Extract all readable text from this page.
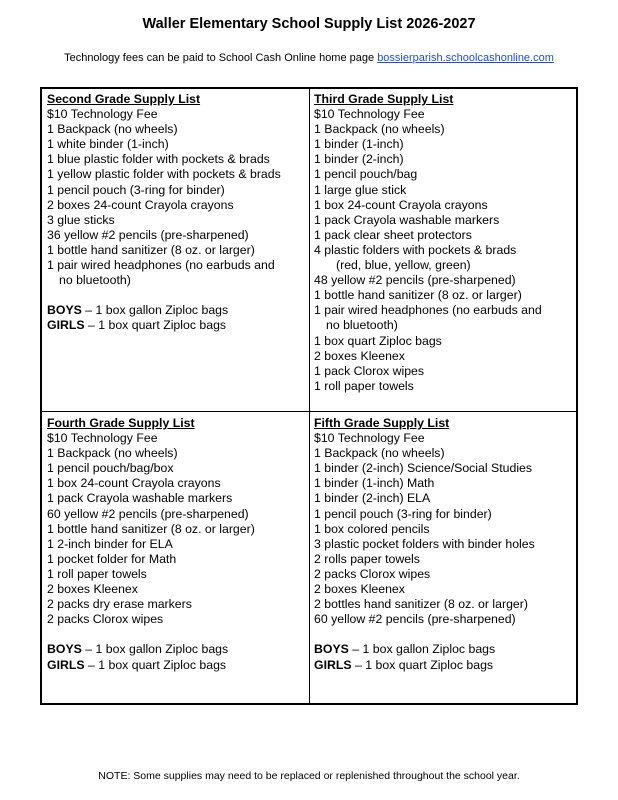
Waller Elementary School Supply List 2026-2027
Technology fees can be paid to School Cash Online home page bossierparish.schoolcashonline.com
Second Grade Supply List
$10 Technology Fee
1 Backpack (no wheels)
1 white binder (1-inch)
1 blue plastic folder with pockets & brads
1 yellow plastic folder with pockets & brads
1 pencil pouch (3-ring for binder)
2 boxes 24-count Crayola crayons
3 glue sticks
36 yellow #2 pencils (pre-sharpened)
1 bottle hand sanitizer (8 oz. or larger)
1 pair wired headphones (no earbuds and
no bluetooth)
BOYS – 1 box gallon Ziploc bags
GIRLS – 1 box quart Ziploc bags
Third Grade Supply List
$10 Technology Fee
1 Backpack (no wheels)
1 binder (1-inch)
1 binder (2-inch)
1 pencil pouch/bag
1 large glue stick
1 box 24-count Crayola crayons
1 pack Crayola washable markers
1 pack clear sheet protectors
4 plastic folders with pockets & brads
(red, blue, yellow, green)
48 yellow #2 pencils (pre-sharpened)
1 bottle hand sanitizer (8 oz. or larger)
1 pair wired headphones (no earbuds and
no bluetooth)
1 box quart Ziploc bags
2 boxes Kleenex
1 pack Clorox wipes
1 roll paper towels
Fourth Grade Supply List
$10 Technology Fee
1 Backpack (no wheels)
1 pencil pouch/bag/box
1 box 24-count Crayola crayons
1 pack Crayola washable markers
60 yellow #2 pencils (pre-sharpened)
1 bottle hand sanitizer (8 oz. or larger)
1 2-inch binder for ELA
1 pocket folder for Math
1 roll paper towels
2 boxes Kleenex
2 packs dry erase markers
2 packs Clorox wipes
BOYS – 1 box gallon Ziploc bags
GIRLS – 1 box quart Ziploc bags
Fifth Grade Supply List
$10 Technology Fee
1 Backpack (no wheels)
1 binder (2-inch) Science/Social Studies
1 binder (1-inch) Math
1 binder (2-inch) ELA
1 pencil pouch (3-ring for binder)
1 box colored pencils
3 plastic pocket folders with binder holes
2 rolls paper towels
2 packs Clorox wipes
2 boxes Kleenex
2 bottles hand sanitizer (8 oz. or larger)
60 yellow #2 pencils (pre-sharpened)
BOYS – 1 box gallon Ziploc bags
GIRLS – 1 box quart Ziploc bags
NOTE: Some supplies may need to be replaced or replenished throughout the school year.
